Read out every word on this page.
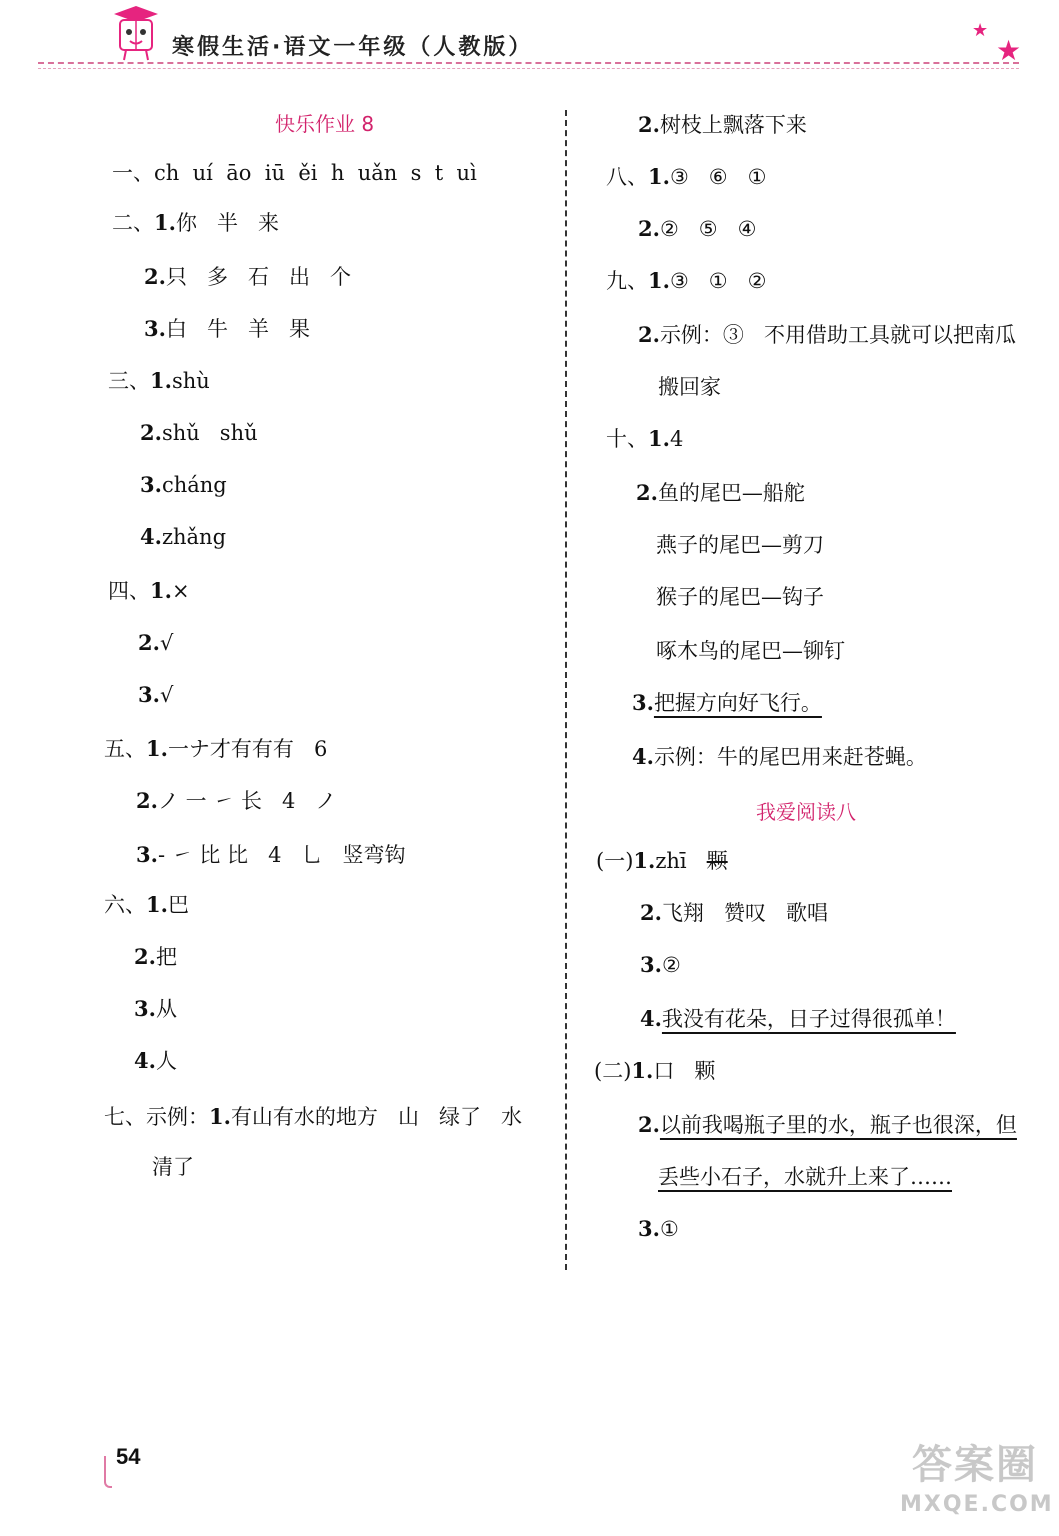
寒假生活·语文一年级（人教版）
★
★
快乐作业 8
一、ch  uí  āo  iū  ěi  h  uǎn  s  t  uì
二、1.你   半   来
2.只   多   石   出   个
3.白   牛   羊   果
三、1.shù
2.shǔ   shǔ
3.cháng
4.zhǎng
四、1.×
2.√
3.√
五、1.一ナ才有有有   6
2.ノ 一 ㇀ 长   4   ノ
3.- ㇀ 比 比   4   乚   竖弯钩
六、1.巴
2.把
3.从
4.人
七、示例：1.有山有水的地方   山   绿了   水
清了
2.树枝上飘落下来
八、1.③   ⑥   ①
2.②   ⑤   ④
九、1.③   ①   ②
2.示例：③   不用借助工具就可以把南瓜
搬回家
十、1.4
2.鱼的尾巴—船舵
燕子的尾巴—剪刀
猴子的尾巴—钩子
啄木鸟的尾巴—铆钉
3.把握方向好飞行。
4.示例：牛的尾巴用来赶苍蝇。
我爱阅读八
(一)1.zhī 颗
2.飞翔   赞叹   歌唱
3.②
4.我没有花朵，日子过得很孤单！
(二)1.口   颗
2.以前我喝瓶子里的水，瓶子也很深，但
丢些小石子，水就升上来了……
3.①
54	答案圈
MXQE.COM
